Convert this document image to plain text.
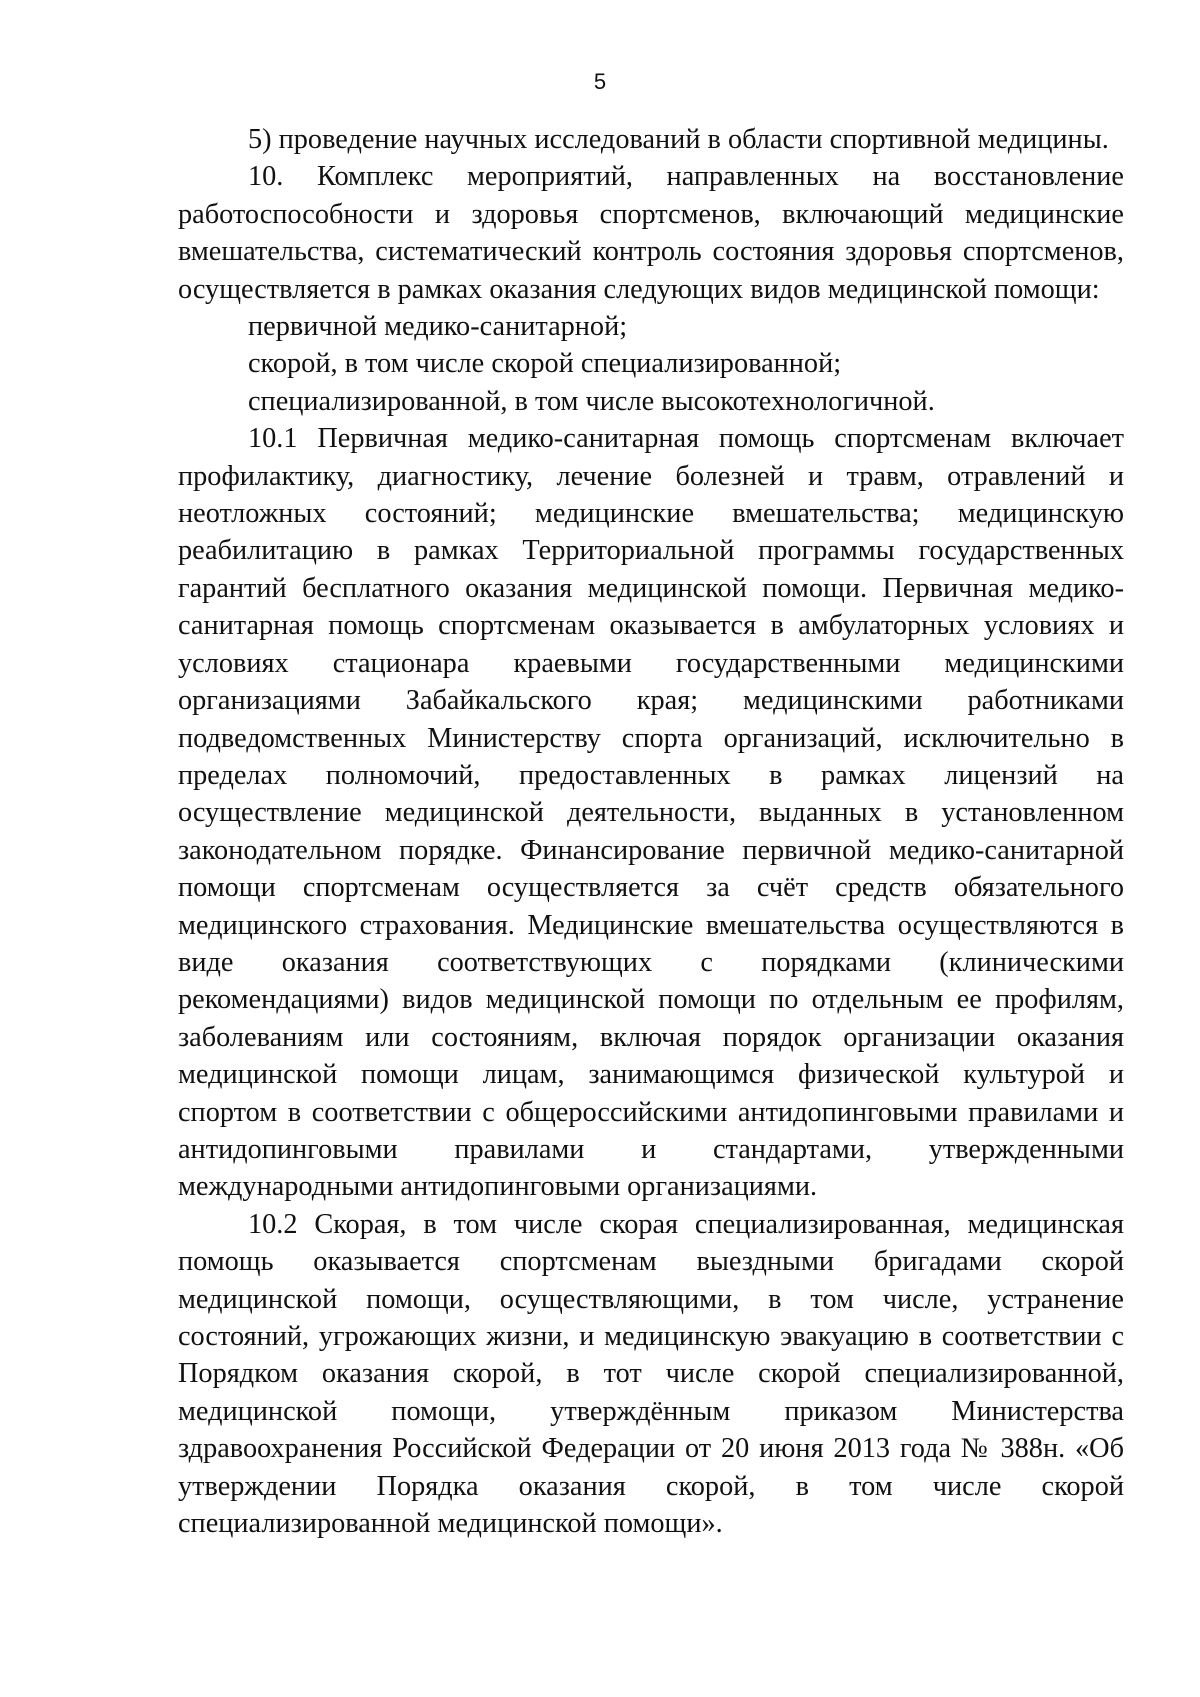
5

5) проведение научных исследований в области спортивной медицины.

10. Комплекс мероприятий, направленных на восстановление работоспособности и здоровья спортсменов, включающий медицинские вмешательства, систематический контроль состояния здоровья спортсменов, осуществляется в рамках оказания следующих видов медицинской помощи:

первичной медико-санитарной;

скорой, в том числе скорой специализированной;

специализированной, в том числе высокотехнологичной.

10.1 Первичная медико-санитарная помощь спортсменам включает профилактику, диагностику, лечение болезней и травм, отравлений и неотложных состояний; медицинские вмешательства; медицинскую реабилитацию в рамках Территориальной программы государственных гарантий бесплатного оказания медицинской помощи. Первичная медико-санитарная помощь спортсменам оказывается в амбулаторных условиях и условиях стационара краевыми государственными медицинскими организациями Забайкальского края; медицинскими работниками подведомственных Министерству спорта организаций, исключительно в пределах полномочий, предоставленных в рамках лицензий на осуществление медицинской деятельности, выданных в установленном законодательном порядке. Финансирование первичной медико-санитарной помощи спортсменам осуществляется за счёт средств обязательного медицинского страхования. Медицинские вмешательства осуществляются в виде оказания соответствующих с порядками (клиническими рекомендациями) видов медицинской помощи по отдельным ее профилям, заболеваниям или состояниям, включая порядок организации оказания медицинской помощи лицам, занимающимся физической культурой и спортом в соответствии с общероссийскими антидопинговыми правилами и антидопинговыми правилами и стандартами, утвержденными международными антидопинговыми организациями.

10.2 Скорая, в том числе скорая специализированная, медицинская помощь оказывается спортсменам выездными бригадами скорой медицинской помощи, осуществляющими, в том числе, устранение состояний, угрожающих жизни, и медицинскую эвакуацию в соответствии с Порядком оказания скорой, в тот числе скорой специализированной, медицинской помощи, утверждённым приказом Министерства здравоохранения Российской Федерации от 20 июня 2013 года № 388н. «Об утверждении Порядка оказания скорой, в том числе скорой специализированной медицинской помощи».
